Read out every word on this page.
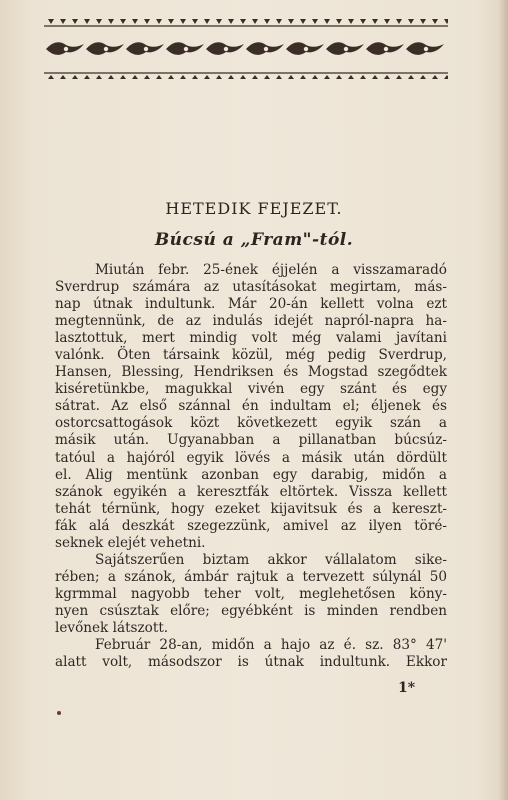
HETEDIK FEJEZET.
Búcsú a „Fram"-tól.
Miután febr. 25-ének éjjelén a visszamaradó
Sverdrup számára az utasításokat megirtam, más-
nap útnak indultunk. Már 20-án kellett volna ezt
megtennünk, de az indulás idejét napról-napra ha-
lasztottuk, mert mindig volt még valami javítani
valónk. Öten társaink közül, még pedig Sverdrup,
Hansen, Blessing, Hendriksen és Mogstad szegődtek
kiséretünkbe, magukkal vivén egy szánt és egy
sátrat. Az első szánnal én indultam el; éljenek és
ostorcsattogások közt következett egyik szán a
másik után. Ugyanabban a pillanatban búcsúz-
tatóul a hajóról egyik lövés a másik után dördült
el. Alig mentünk azonban egy darabig, midőn a
szánok egyikén a keresztfák eltörtek. Vissza kellett
tehát térnünk, hogy ezeket kijavitsuk és a kereszt-
fák alá deszkát szegezzünk, amivel az ilyen töré-
seknek elejét vehetni.
Sajátszerűen biztam akkor vállalatom sike-
rében; a szánok, ámbár rajtuk a tervezett súlynál 50
kgrmmal nagyobb teher volt, meglehetősen köny-
nyen csúsztak előre; egyébként is minden rendben
levőnek látszott.
Február 28-an, midőn a hajo az é. sz. 83° 47'
alatt volt, másodszor is útnak indultunk. Ekkor
1*
